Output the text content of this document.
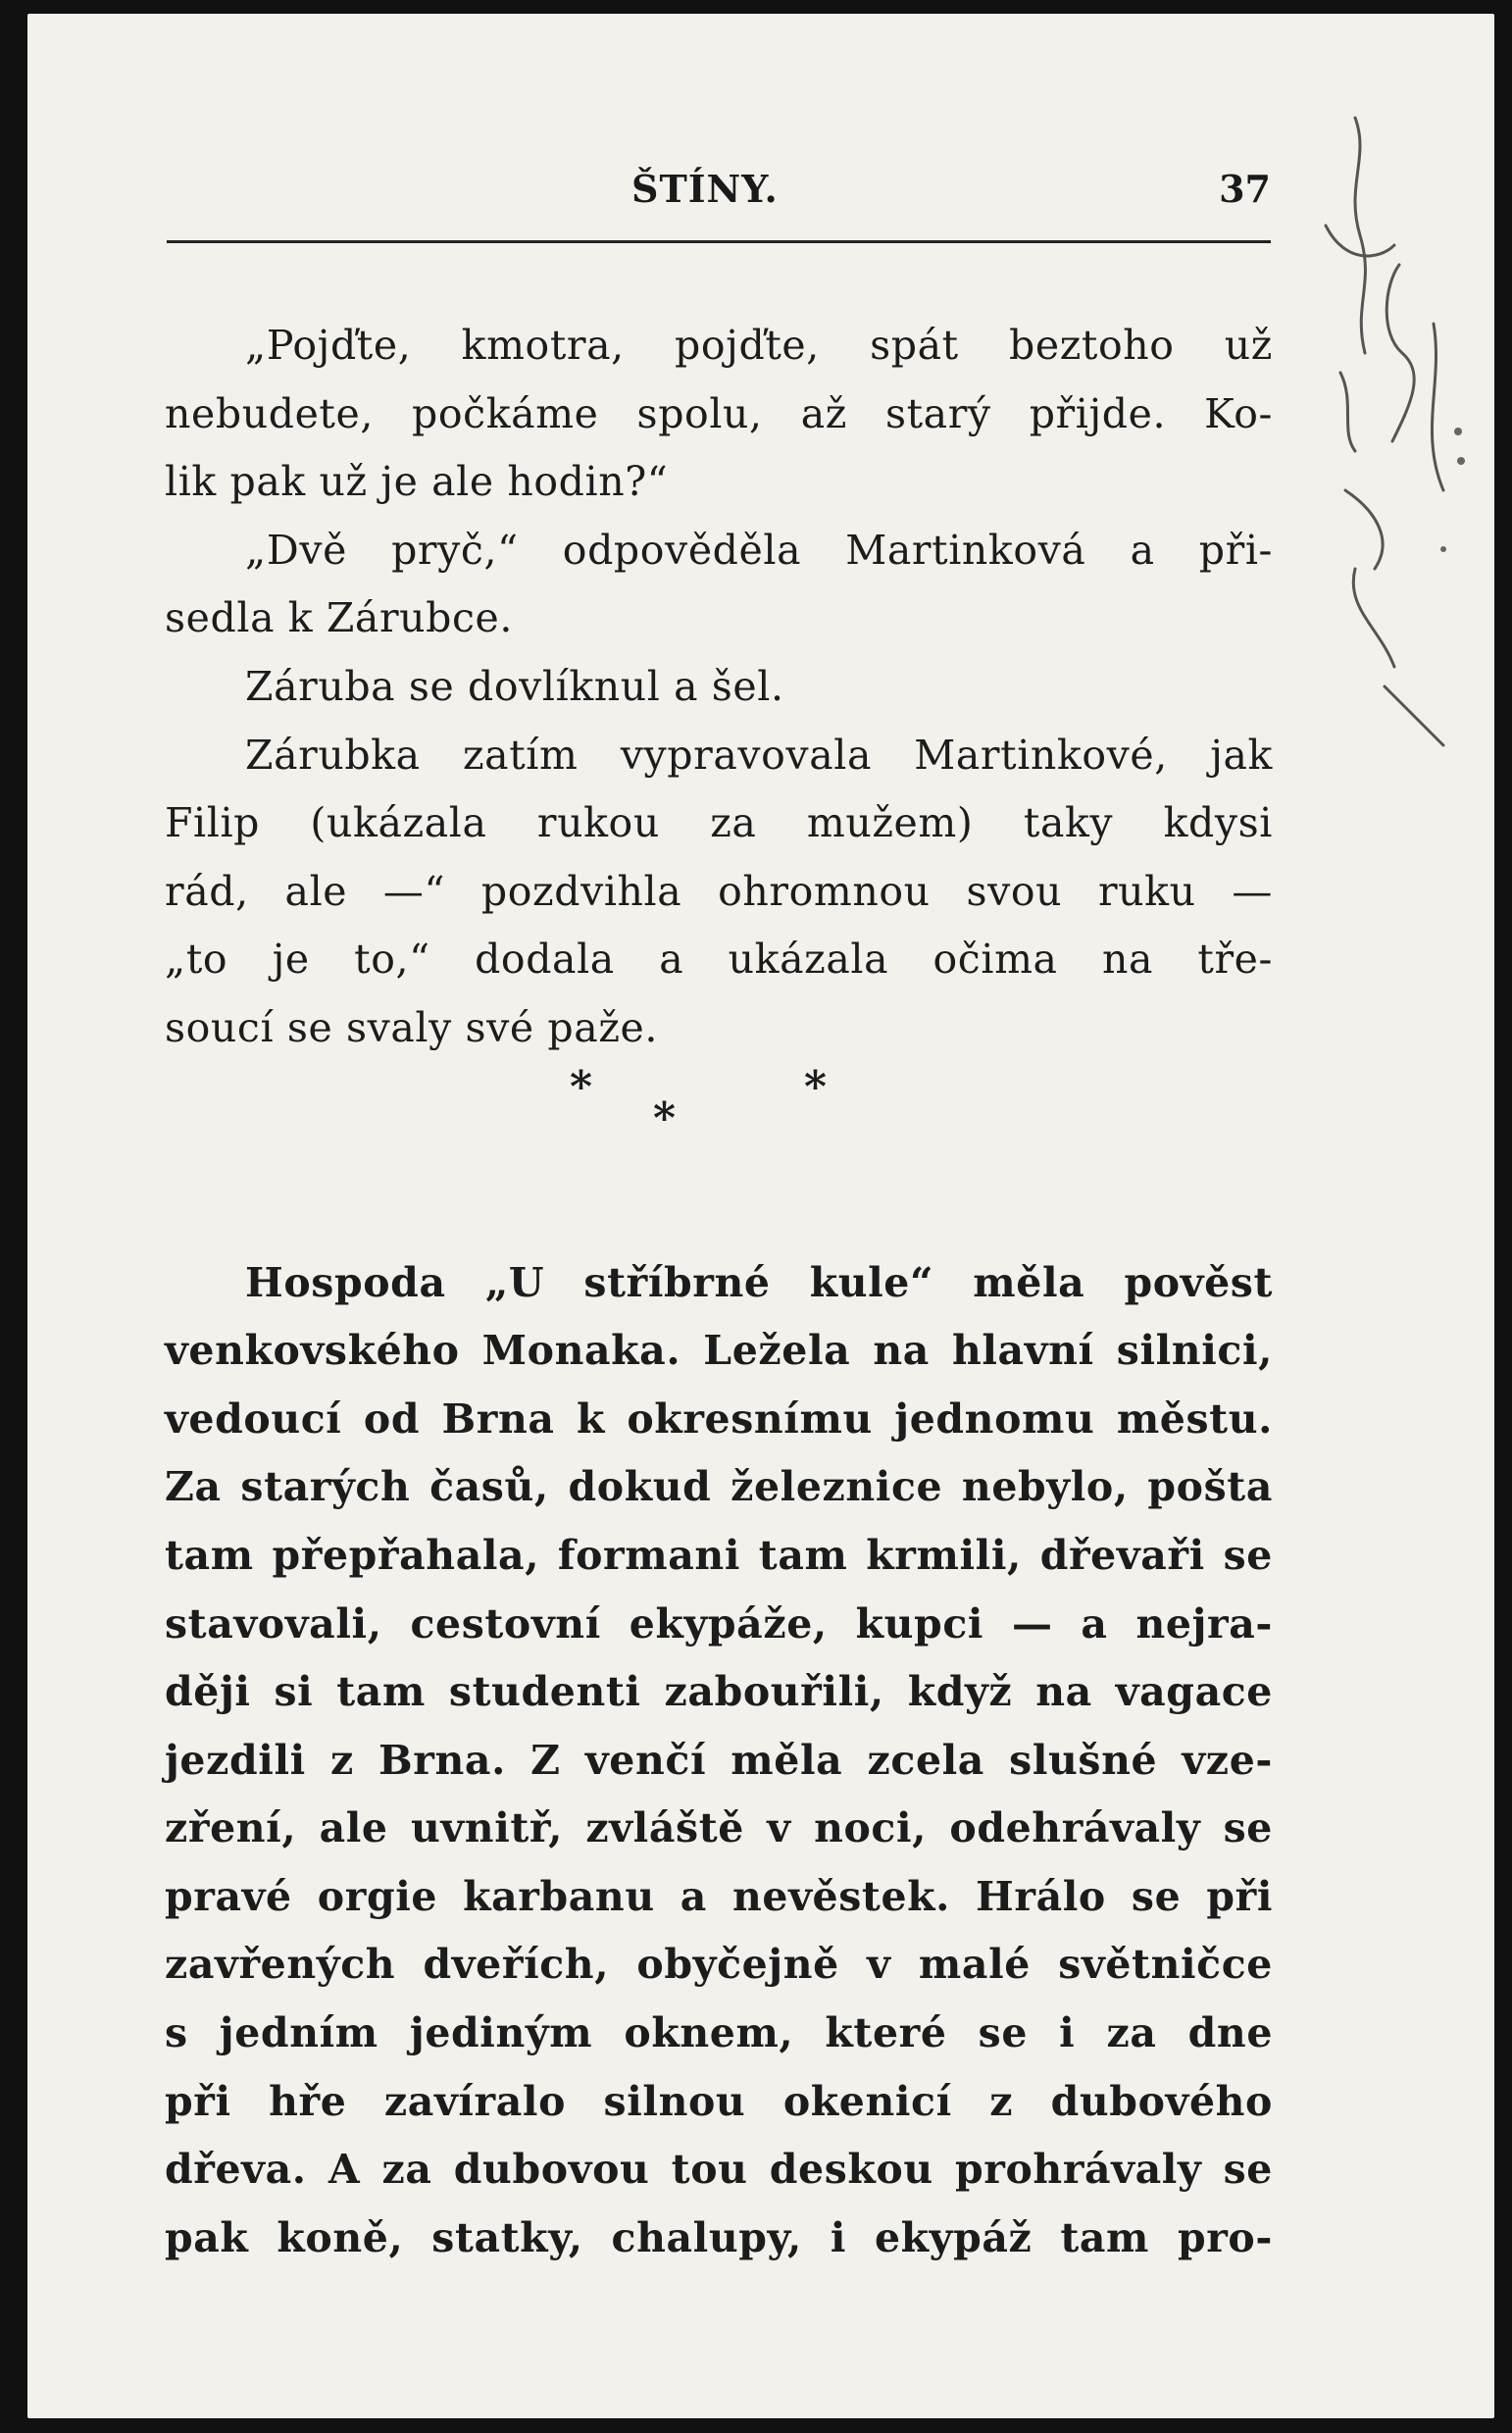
ŠTÍNY.	37
„Pojďte, kmotra, pojďte, spát beztoho už
nebudete, počkáme spolu, až starý přijde. Ko-
lik pak už je ale hodin?“
„Dvě pryč,“ odpověděla Martinková a při-
sedla k Zárubce.
Záruba se dovlíknul a šel.
Zárubka zatím vypravovala Martinkové, jak
Filip (ukázala rukou za mužem) taky kdysi
rád, ale —“ pozdvihla ohromnou svou ruku —
„to je to,“ dodala a ukázala očima na tře-
soucí se svaly své paže.
*
*
*
Hospoda „U stříbrné kule“ měla pověst
venkovského Monaka. Ležela na hlavní silnici,
vedoucí od Brna k okresnímu jednomu městu.
Za starých časů, dokud železnice nebylo, pošta
tam přepřahala, formani tam krmili, dřevaři se
stavovali, cestovní ekypáže, kupci — a nejra-
ději si tam studenti zabouřili, když na vagace
jezdili z Brna. Z venčí měla zcela slušné vze-
zření, ale uvnitř, zvláště v noci, odehrávaly se
pravé orgie karbanu a nevěstek. Hrálo se při
zavřených dveřích, obyčejně v malé světničce
s jedním jediným oknem, které se i za dne
při hře zavíralo silnou okenicí z dubového
dřeva. A za dubovou tou deskou prohrávaly se
pak koně, statky, chalupy, i ekypáž tam pro-
